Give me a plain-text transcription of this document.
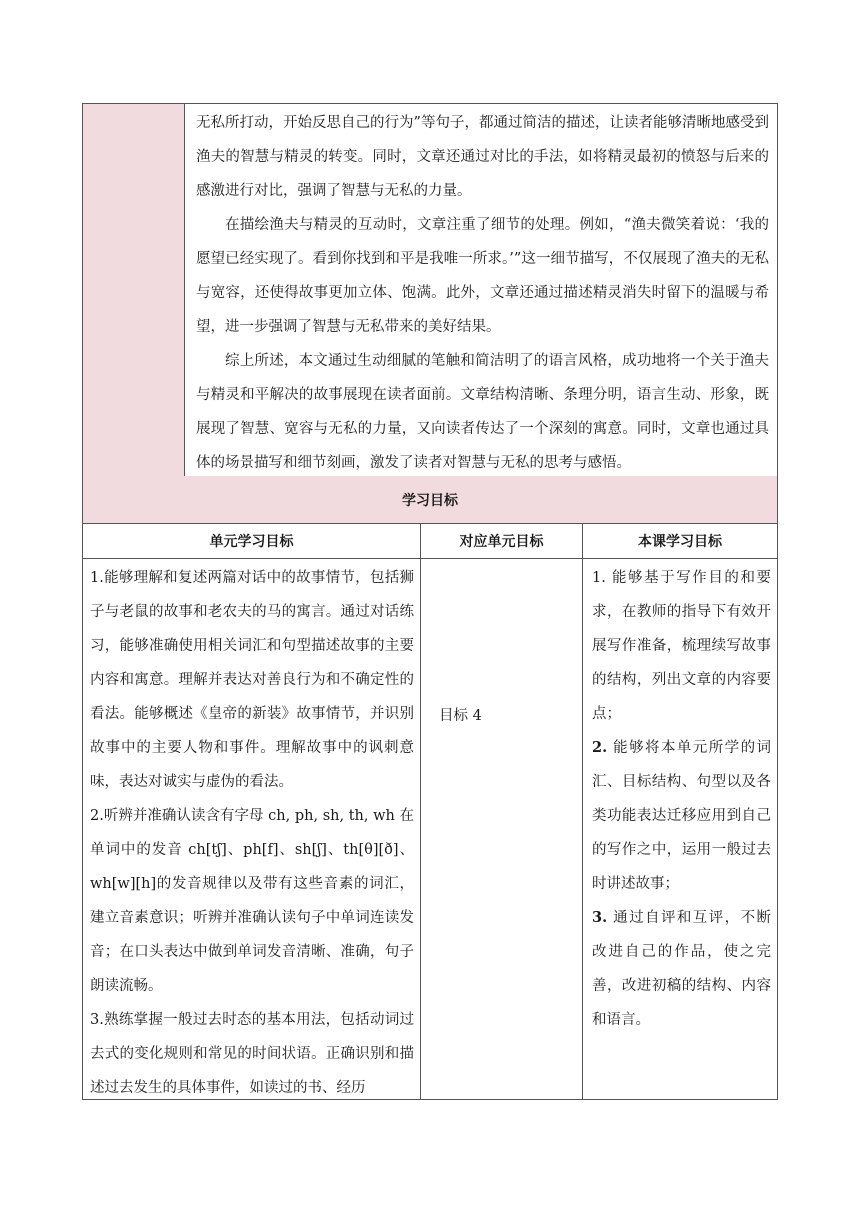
无私所打动，开始反思自己的行为”等句子，都通过简洁的描述，让读者能够清晰地感受到渔夫的智慧与精灵的转变。同时，文章还通过对比的手法，如将精灵最初的愤怒与后来的感激进行对比，强调了智慧与无私的力量。

在描绘渔夫与精灵的互动时，文章注重了细节的处理。例如，“渔夫微笑着说：‘我的愿望已经实现了。看到你找到和平是我唯一所求。’”这一细节描写，不仅展现了渔夫的无私与宽容，还使得故事更加立体、饱满。此外，文章还通过描述精灵消失时留下的温暖与希望，进一步强调了智慧与无私带来的美好结果。

综上所述，本文通过生动细腻的笔触和简洁明了的语言风格，成功地将一个关于渔夫与精灵和平解决的故事展现在读者面前。文章结构清晰、条理分明，语言生动、形象，既展现了智慧、宽容与无私的力量，又向读者传达了一个深刻的寓意。同时，文章也通过具体的场景描写和细节刻画，激发了读者对智慧与无私的思考与感悟。

学习目标
单元学习目标	对应单元目标	本课学习目标

1.能够理解和复述两篇对话中的故事情节，包括狮子与老鼠的故事和老农夫的马的寓言。通过对话练习，能够准确使用相关词汇和句型描述故事的主要内容和寓意。理解并表达对善良行为和不确定性的看法。能够概述《皇帝的新装》故事情节，并识别故事中的主要人物和事件。理解故事中的讽刺意味，表达对诚实与虚伪的看法。

2.听辨并准确认读含有字母 ch, ph, sh, th, wh 在单词中的发音 ch[tʃ]、ph[f]、sh[ʃ]、th[θ][ð]、wh[w][h]的发音规律以及带有这些音素的词汇，建立音素意识；听辨并准确认读句子中单词连读发音；在口头表达中做到单词发音清晰、准确，句子朗读流畅。

3.熟练掌握一般过去时态的基本用法，包括动词过去式的变化规则和常见的时间状语。正确识别和描述过去发生的具体事件，如读过的书、经历

目标 4

1. 能够基于写作目的和要求，在教师的指导下有效开展写作准备，梳理续写故事的结构，列出文章的内容要点；

2. 能够将本单元所学的词汇、目标结构、句型以及各类功能表达迁移应用到自己的写作之中，运用一般过去时讲述故事；

3. 通过自评和互评，不断改进自己的作品，使之完善，改进初稿的结构、内容和语言。
